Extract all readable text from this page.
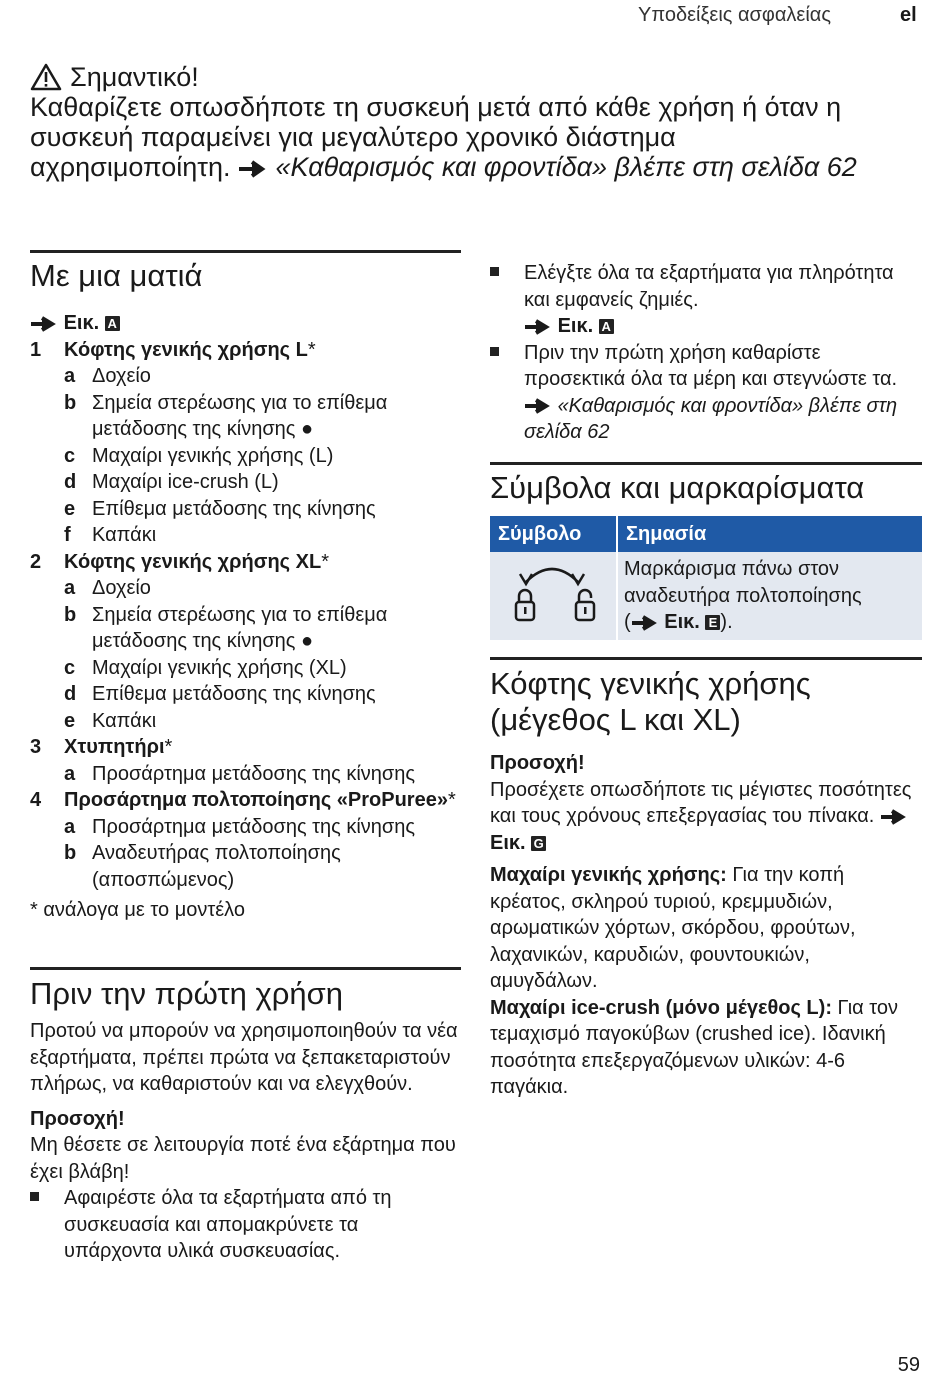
Υποδείξεις ασφαλείας	el
Σημαντικό!
Καθαρίζετε οπωσδήποτε τη συσκευή μετά από κάθε χρήση ή όταν η συσκευή παραμείνει για μεγαλύτερο χρονικό διάστημα αχρησιμοποίητη. «Καθαρισμός και φροντίδα» βλέπε στη σελίδα 62
Με μια ματιά
Εικ. A
1	Κόφτης γενικής χρήσης L*
a Δοχείο
b Σημεία στερέωσης για το επίθεμα μετάδοσης της κίνησης ●
c Μαχαίρι γενικής χρήσης (L)
d Μαχαίρι ice-crush (L)
e Επίθεμα μετάδοσης της κίνησης
f	Καπάκι
2	Κόφτης γενικής χρήσης XL*
a Δοχείο
b Σημεία στερέωσης για το επίθεμα μετάδοσης της κίνησης ●
c Μαχαίρι γενικής χρήσης (XL)
d Επίθεμα μετάδοσης της κίνησης
e Καπάκι
3	Χτυπητήρι*
a Προσάρτημα μετάδοσης της κίνησης
4	Προσάρτημα πολτοποίησης «ProPuree»*
a Προσάρτημα μετάδοσης της κίνησης
b Αναδευτήρας πολτοποίησης (αποσπώμενος)
* ανάλογα με το μοντέλο
Πριν την πρώτη χρήση
Προτού να μπορούν να χρησιμοποιηθούν τα νέα εξαρτήματα, πρέπει πρώτα να ξεπακεταριστούν πλήρως, να καθαριστούν και να ελεγχθούν.
Προσοχή!
Μη θέσετε σε λειτουργία ποτέ ένα εξάρτημα που έχει βλάβη!
Αφαιρέστε όλα τα εξαρτήματα από τη συσκευασία και απομακρύνετε τα υπάρχοντα υλικά συσκευασίας.
Ελέγξτε όλα τα εξαρτήματα για πληρότητα και εμφανείς ζημιές.
Εικ. A
Πριν την πρώτη χρήση καθαρίστε προσεκτικά όλα τα μέρη και στεγνώστε τα.  «Καθαρισμός και φροντίδα» βλέπε στη σελίδα 62
Σύμβολα και μαρκαρίσματα
Σύμβολο	Σημασία
	Μαρκάρισμα πάνω στον αναδευτήρα πολτοποίησης
( Εικ. E ).
Κόφτης γενικής χρήσης (μέγεθος L και XL)
Προσοχή!
Προσέχετε οπωσδήποτε τις μέγιστες ποσότητες και τους χρόνους επεξεργασίας του πίνακα.  Εικ. G
Μαχαίρι γενικής χρήσης: Για την κοπή κρέατος, σκληρού τυριού, κρεμμυδιών, αρωματικών χόρτων, σκόρδου, φρούτων, λαχανικών, καρυδιών, φουντουκιών, αμυγδάλων.
Μαχαίρι ice-crush (μόνο μέγεθος L): Για τον τεμαχισμό παγοκύβων (crushed ice). Ιδανική ποσότητα επεξεργαζόμενων υλικών: 4-6 παγάκια.
59
